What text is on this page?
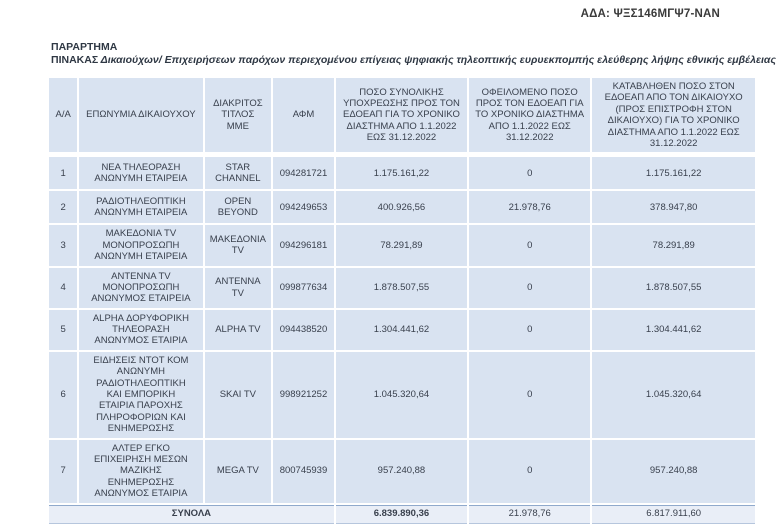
ΑΔΑ: ΨΞΣ146ΜΓΨ7-ΝΑΝ
ΠΑΡΑΡΤΗΜΑ
ΠΙΝΑΚΑΣ Δικαιούχων/ Επιχειρήσεων παρόχων περιεχομένου επίγειας ψηφιακής τηλεοπτικής ευρυεκπομπής ελεύθερης λήψης εθνικής εμβέλειας
Α/Α	ΕΠΩΝΥΜΙΑ ΔΙΚΑΙΟΥΧΟΥ	ΔΙΑΚΡΙΤΟΣ ΤΙΤΛΟΣ ΜΜΕ	ΑΦΜ	ΠΟΣΟ ΣΥΝΟΛΙΚΗΣ ΥΠΟΧΡΕΩΣΗΣ ΠΡΟΣ ΤΟΝ ΕΔΟΕΑΠ ΓΙΑ ΤΟ ΧΡΟΝΙΚΟ ΔΙΑΣΤΗΜΑ ΑΠΟ 1.1.2022 ΕΩΣ 31.12.2022	ΟΦΕΙΛΟΜΕΝΟ ΠΟΣΟ ΠΡΟΣ ΤΟΝ ΕΔΟΕΑΠ ΓΙΑ ΤΟ ΧΡΟΝΙΚΟ ΔΙΑΣΤΗΜΑ ΑΠΟ 1.1.2022 ΕΩΣ 31.12.2022	ΚΑΤΑΒΛΗΘΕΝ ΠΟΣΟ ΣΤΟΝ ΕΔΟΕΑΠ ΑΠΟ ΤΟΝ ΔΙΚΑΙΟΥΧΟ (ΠΡΟΣ ΕΠΙΣΤΡΟΦΗ ΣΤΟΝ ΔΙΚΑΙΟΥΧΟ) ΓΙΑ ΤΟ ΧΡΟΝΙΚΟ ΔΙΑΣΤΗΜΑ ΑΠΟ 1.1.2022 ΕΩΣ 31.12.2022
1	ΝΕΑ ΤΗΛΕΟΡΑΣΗ ΑΝΩΝΥΜΗ ΕΤΑΙΡΕΙΑ	STAR CHANNEL	094281721	1.175.161,22	0	1.175.161,22
2	ΡΑΔΙΟΤΗΛΕΟΠΤΙΚΗ ΑΝΩΝΥΜΗ ΕΤΑΙΡΕΙΑ	OPEN BEYOND	094249653	400.926,56	21.978,76	378.947,80
3	ΜΑΚΕΔΟΝΙΑ TV ΜΟΝΟΠΡΟΣΩΠΗ ΑΝΩΝΥΜΗ ΕΤΑΙΡΕΙΑ	ΜΑΚΕΔΟΝΙΑ TV	094296181	78.291,89	0	78.291,89
4	ANTENNA TV ΜΟΝΟΠΡΟΣΩΠΗ ΑΝΩΝΥΜΟΣ ΕΤΑΙΡΕΙΑ	ANTENNA TV	099877634	1.878.507,55	0	1.878.507,55
5	ALPHA ΔΟΡΥΦΟΡΙΚΗ ΤΗΛΕΟΡΑΣΗ ΑΝΩΝΥΜΟΣ ΕΤΑΙΡΙΑ	ALPHA TV	094438520	1.304.441,62	0	1.304.441,62
6	ΕΙΔΗΣΕΙΣ ΝΤΟΤ ΚΟΜ ΑΝΩΝΥΜΗ ΡΑΔΙΟΤΗΛΕΟΠΤΙΚΗ ΚΑΙ ΕΜΠΟΡΙΚΗ ΕΤΑΙΡΙΑ ΠΑΡΟΧΗΣ ΠΛΗΡΟΦΟΡΙΩΝ ΚΑΙ ΕΝΗΜΕΡΩΣΗΣ	SKAI TV	998921252	1.045.320,64	0	1.045.320,64
7	ΑΛΤΕΡ ΕΓΚΟ ΕΠΙΧΕΙΡΗΣΗ ΜΕΣΩΝ ΜΑΖΙΚΗΣ ΕΝΗΜΕΡΩΣΗΣ ΑΝΩΝΥΜΟΣ ΕΤΑΙΡΙΑ	MEGA TV	800745939	957.240,88	0	957.240,88
ΣΥΝΟΛΑ				6.839.890,36	21.978,76	6.817.911,60
